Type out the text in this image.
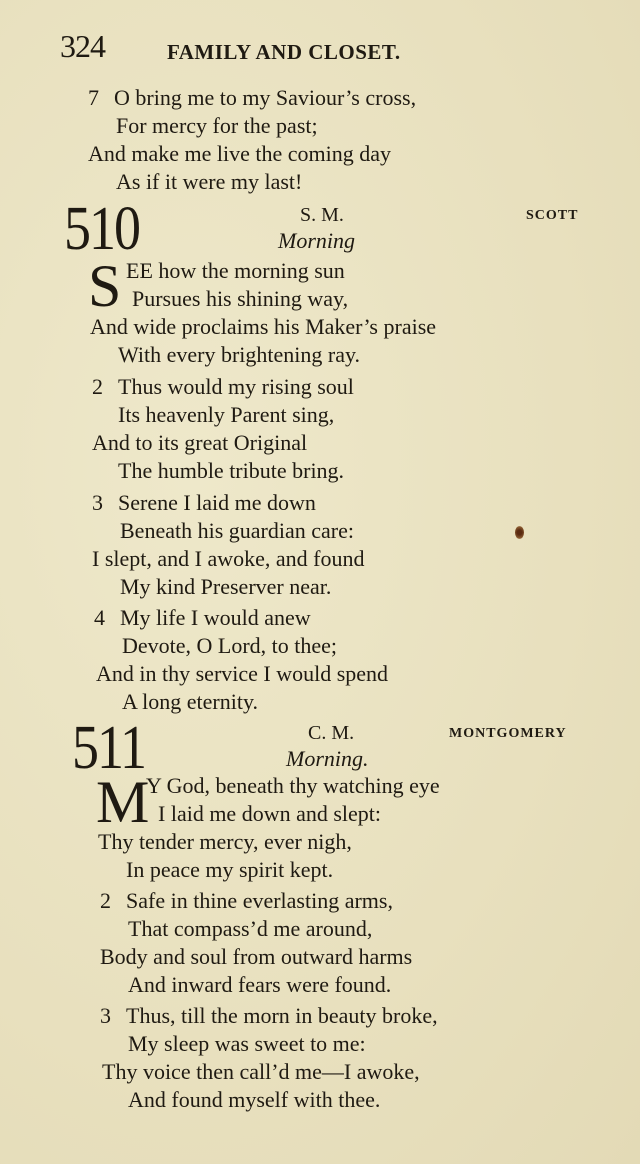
324	FAMILY AND CLOSET.
7 O bring me to my Saviour’s cross,
For mercy for the past;
And make me live the coming day
As if it were my last!
510	S. M.	SCOTT
Morning
S EE how the morning sun
Pursues his shining way,
And wide proclaims his Maker’s praise
With every brightening ray.
2 Thus would my rising soul
Its heavenly Parent sing,
And to its great Original
The humble tribute bring.
3 Serene I laid me down
Beneath his guardian care:
I slept, and I awoke, and found
My kind Preserver near.
4 My life I would anew
Devote, O Lord, to thee;
And in thy service I would spend
A long eternity.
511	C. M.	MONTGOMERY
Morning.
M
Y God, beneath thy watching eye
I laid me down and slept:
Thy tender mercy, ever nigh,
In peace my spirit kept.
2 Safe in thine everlasting arms,
That compass’d me around,
Body and soul from outward harms
And inward fears were found.
3 Thus, till the morn in beauty broke,
My sleep was sweet to me:
Thy voice then call’d me—I awoke,
And found myself with thee.
